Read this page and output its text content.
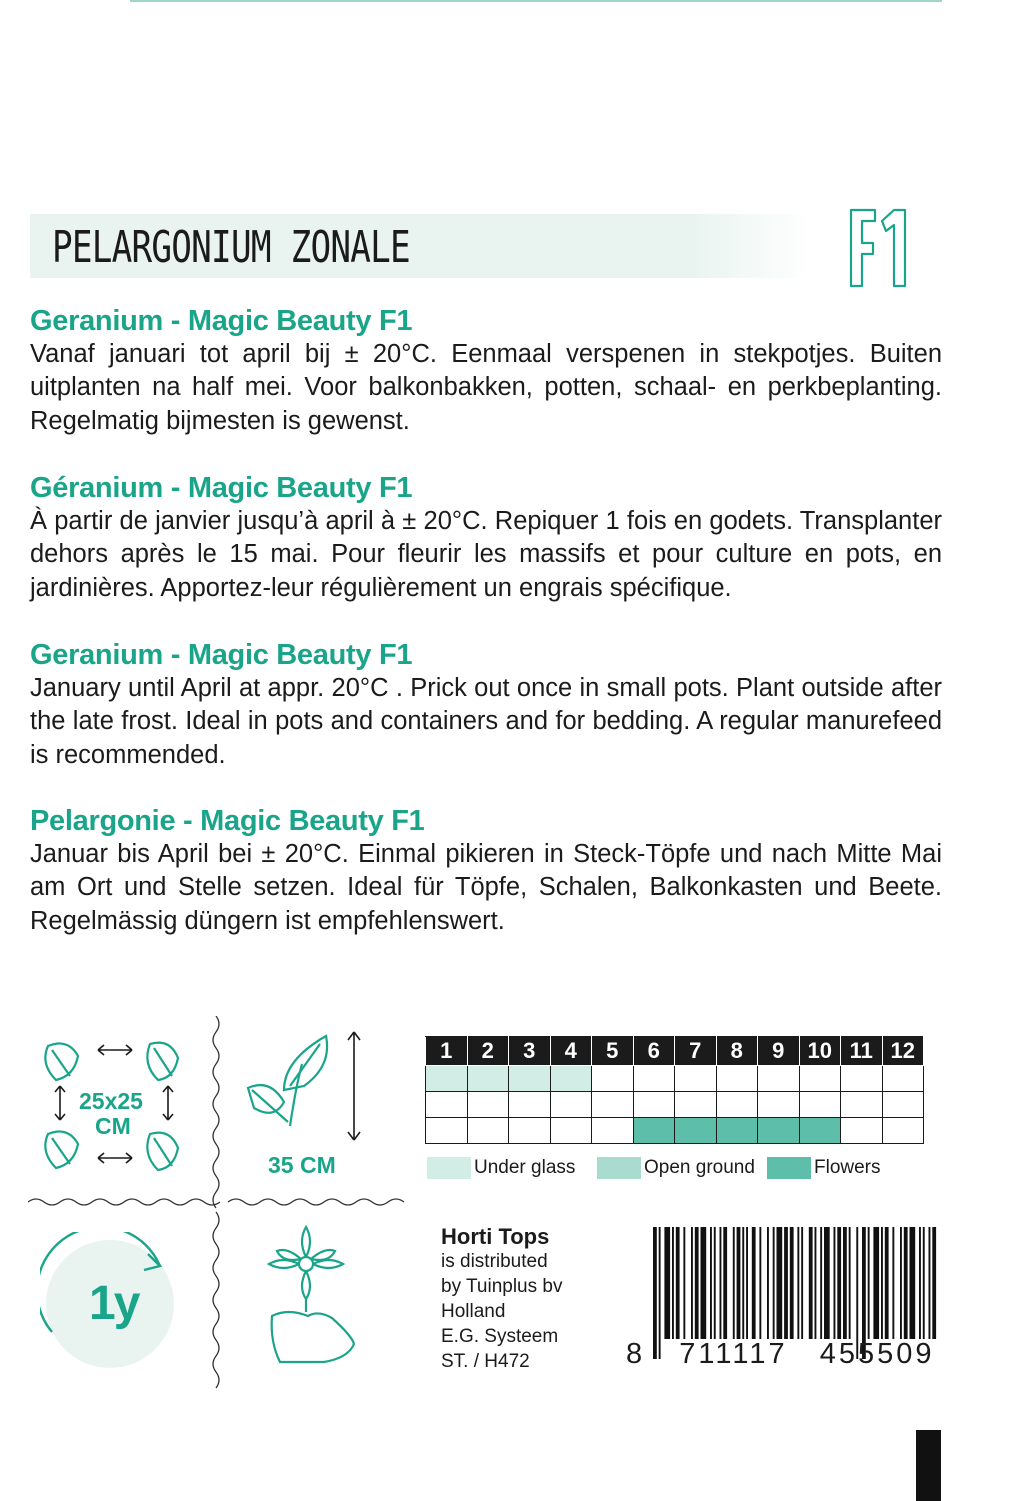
PELARGONIUM ZONALE	F1
Geranium - Magic Beauty F1

Vanaf januari tot april bij ± 20°C. Eenmaal verspenen in stekpotjes. Buiten uitplanten na half mei. Voor balkonbakken, potten, schaal- en perkbeplanting. Regelmatig bijmesten is gewenst.

Géranium - Magic Beauty F1

À partir de janvier jusqu’à april à ± 20°C. Repiquer 1 fois en godets. Transplanter dehors après le 15 mai. Pour fleurir les massifs et pour culture en pots, en jardinières. Apportez-leur régulièrement un engrais spécifique.

Geranium - Magic Beauty F1

January until April at appr. 20°C . Prick out once in small pots. Plant outside after the late frost. Ideal in pots and containers and for bedding. A regular manurefeed is recommended.

Pelargonie - Magic Beauty F1

Januar bis April bei ± 20°C. Einmal pikieren in Steck-Töpfe und nach Mitte Mai am Ort und Stelle setzen. Ideal für Töpfe, Schalen, Balkonkasten und Beete. Regelmässig düngern ist empfehlenswert.

25x25
CM
35 CM
1y
1	2	3	4	5	6	7	8	9	10	11	12

Under glass	Open ground	Flowers
Horti Tops
is distributed
by Tuinplus bv
Holland
E.G. Systeem
ST. / H472	8 711117 455509
